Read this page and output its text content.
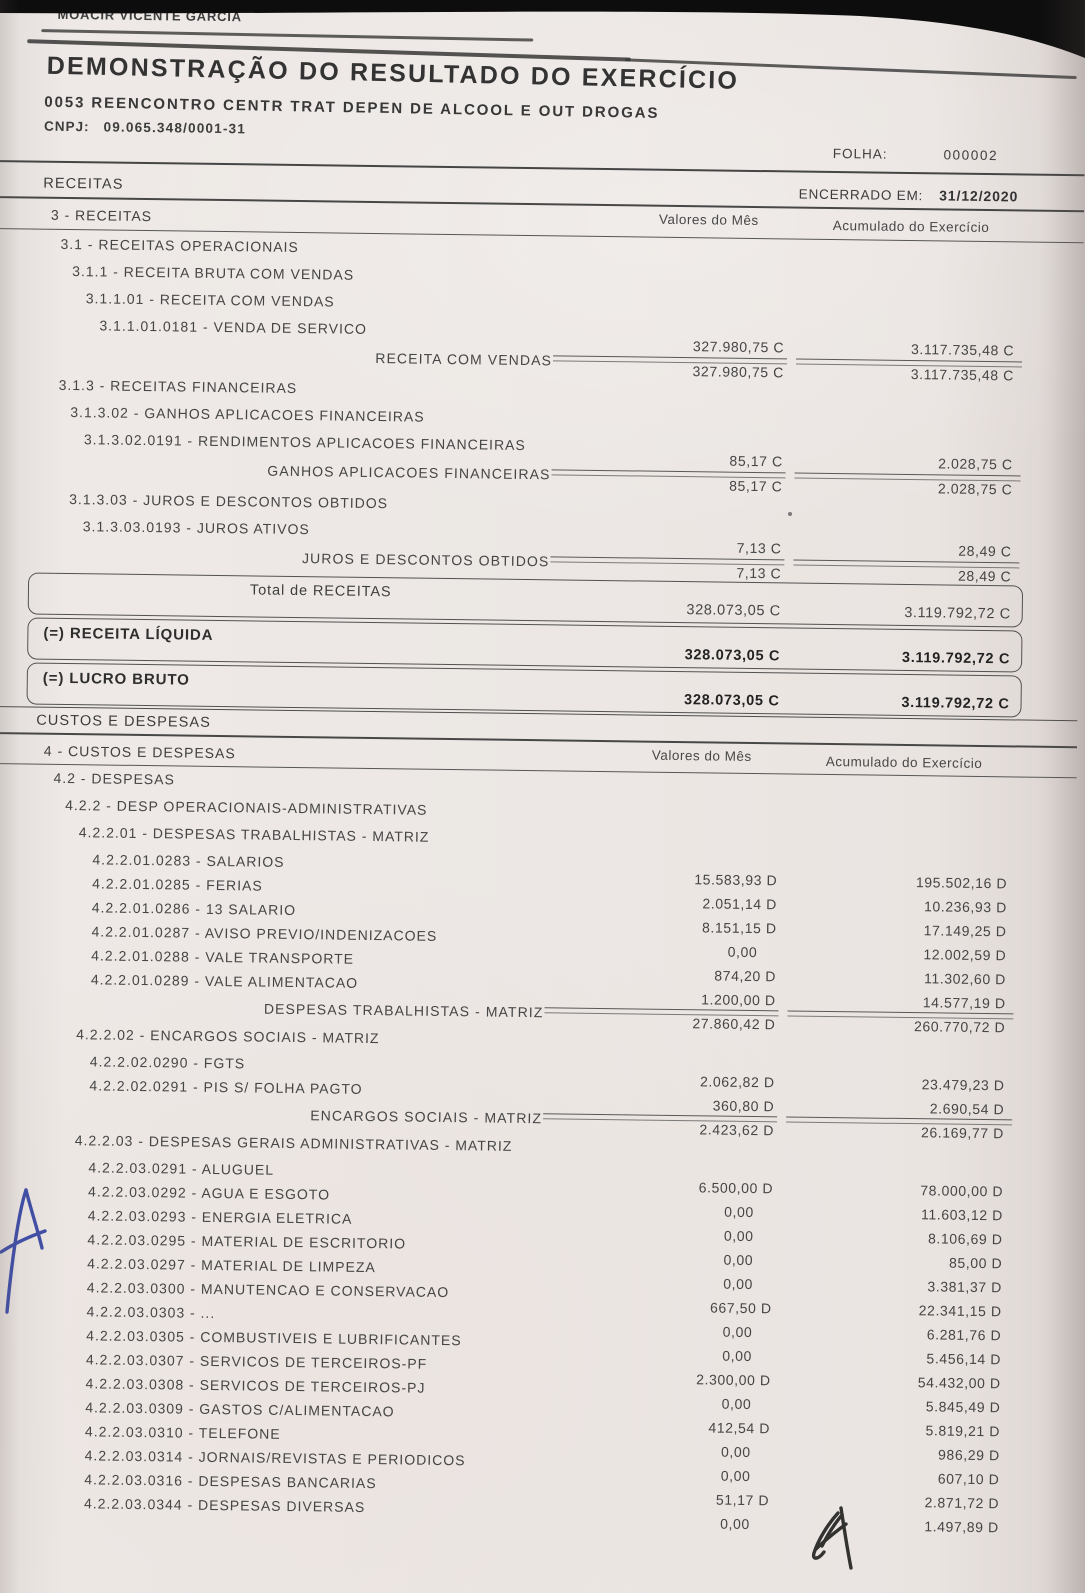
MOACIR VICENTE GARCIA
DEMONSTRAÇÃO DO RESULTADO DO EXERCÍCIO
0053 REENCONTRO CENTR TRAT DEPEN DE ALCOOL E OUT DROGAS
CNPJ: 09.065.348/0001-31
FOLHA:	000002
RECEITAS
ENCERRADO EM: 31/12/2020
3 - RECEITAS	Valores do Mês	Acumulado do Exercício
3.1 - RECEITAS OPERACIONAIS
3.1.1 - RECEITA BRUTA COM VENDAS
3.1.1.01 - RECEITA COM VENDAS
3.1.1.01.0181 - VENDA DE SERVICO
327.980,75 C	3.117.735,48 C
RECEITA COM VENDAS
327.980,75 C	3.117.735,48 C
3.1.3 - RECEITAS FINANCEIRAS
3.1.3.02 - GANHOS APLICACOES FINANCEIRAS
3.1.3.02.0191 - RENDIMENTOS APLICACOES FINANCEIRAS
85,17 C	2.028,75 C
GANHOS APLICACOES FINANCEIRAS
85,17 C	2.028,75 C
3.1.3.03 - JUROS E DESCONTOS OBTIDOS
3.1.3.03.0193 - JUROS ATIVOS
7,13 C	28,49 C
JUROS E DESCONTOS OBTIDOS
7,13 C	28,49 C
Total de RECEITAS
328.073,05 C	3.119.792,72 C
(=) RECEITA LÍQUIDA
328.073,05 C	3.119.792,72 C
(=) LUCRO BRUTO
328.073,05 C	3.119.792,72 C
CUSTOS E DESPESAS
4 - CUSTOS E DESPESAS	Valores do Mês	Acumulado do Exercício
4.2 - DESPESAS
4.2.2 - DESP OPERACIONAIS-ADMINISTRATIVAS
4.2.2.01 - DESPESAS TRABALHISTAS - MATRIZ
4.2.2.01.0283 - SALARIOS
15.583,93 D	195.502,16 D
4.2.2.01.0285 - FERIAS
2.051,14 D	10.236,93 D
4.2.2.01.0286 - 13 SALARIO
8.151,15 D	17.149,25 D
4.2.2.01.0287 - AVISO PREVIO/INDENIZACOES
0,00	12.002,59 D
4.2.2.01.0288 - VALE TRANSPORTE
874,20 D	11.302,60 D
4.2.2.01.0289 - VALE ALIMENTACAO
1.200,00 D	14.577,19 D
DESPESAS TRABALHISTAS - MATRIZ
27.860,42 D	260.770,72 D
4.2.2.02 - ENCARGOS SOCIAIS - MATRIZ
4.2.2.02.0290 - FGTS
2.062,82 D	23.479,23 D
4.2.2.02.0291 - PIS S/ FOLHA PAGTO
360,80 D	2.690,54 D
ENCARGOS SOCIAIS - MATRIZ
2.423,62 D	26.169,77 D
4.2.2.03 - DESPESAS GERAIS ADMINISTRATIVAS - MATRIZ
4.2.2.03.0291 - ALUGUEL
6.500,00 D	78.000,00 D
4.2.2.03.0292 - AGUA E ESGOTO
0,00	11.603,12 D
4.2.2.03.0293 - ENERGIA ELETRICA
0,00	8.106,69 D
4.2.2.03.0295 - MATERIAL DE ESCRITORIO
0,00	85,00 D
4.2.2.03.0297 - MATERIAL DE LIMPEZA
0,00	3.381,37 D
4.2.2.03.0300 - MANUTENCAO E CONSERVACAO
667,50 D	22.341,15 D
4.2.2.03.0303 - ...
0,00	6.281,76 D
4.2.2.03.0305 - COMBUSTIVEIS E LUBRIFICANTES
0,00	5.456,14 D
4.2.2.03.0307 - SERVICOS DE TERCEIROS-PF
2.300,00 D	54.432,00 D
4.2.2.03.0308 - SERVICOS DE TERCEIROS-PJ
0,00	5.845,49 D
4.2.2.03.0309 - GASTOS C/ALIMENTACAO
412,54 D	5.819,21 D
4.2.2.03.0310 - TELEFONE
0,00	986,29 D
4.2.2.03.0314 - JORNAIS/REVISTAS E PERIODICOS
0,00	607,10 D
4.2.2.03.0316 - DESPESAS BANCARIAS
51,17 D	2.871,72 D
4.2.2.03.0344 - DESPESAS DIVERSAS
0,00	1.497,89 D
